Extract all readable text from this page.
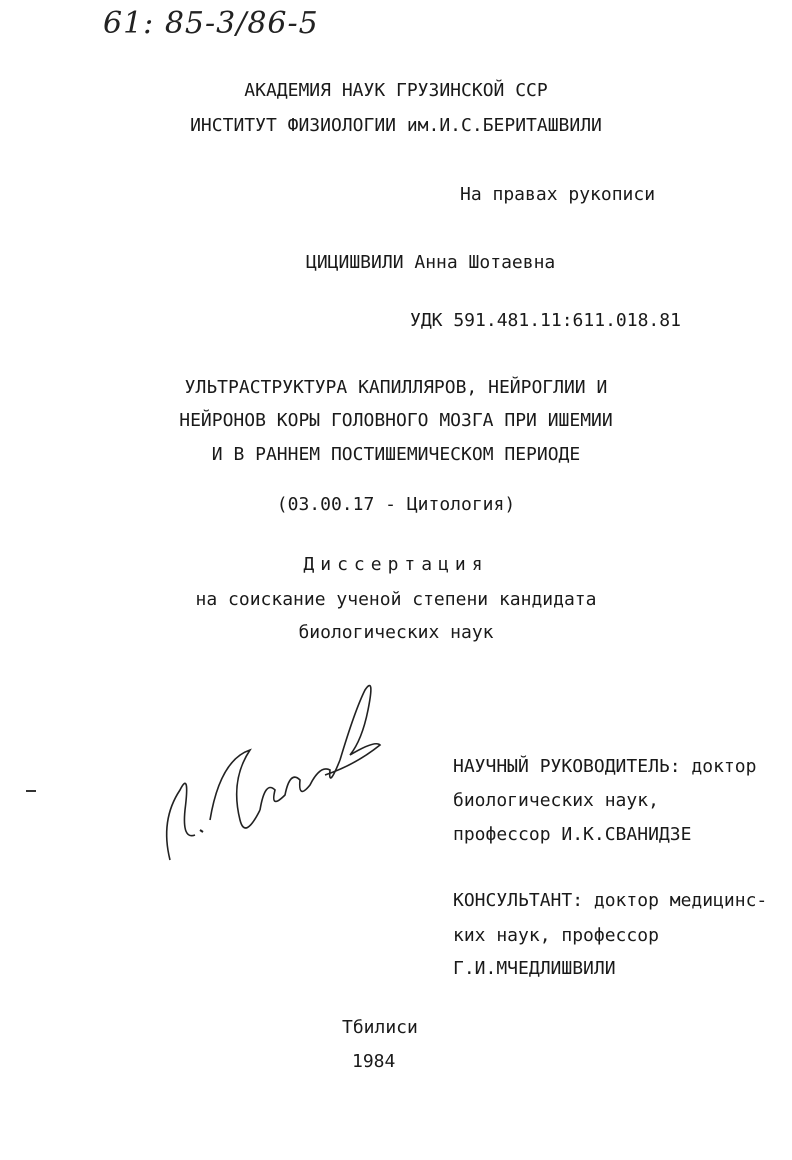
61: 85-3/86-5
АКАДЕМИЯ НАУК ГРУЗИНСКОЙ ССР
ИНСТИТУТ ФИЗИОЛОГИИ им.И.С.БЕРИТАШВИЛИ
На правах рукописи
ЦИЦИШВИЛИ Анна Шотаевна
УДК 591.481.11:611.018.81
УЛЬТРАСТРУКТУРА КАПИЛЛЯРОВ, НЕЙРОГЛИИ И
НЕЙРОНОВ КОРЫ ГОЛОВНОГО МОЗГА ПРИ ИШЕМИИ
И В РАННЕМ ПОСТИШЕМИЧЕСКОМ ПЕРИОДЕ
(03.00.17 - Цитология)
Диссертация
на соискание ученой степени кандидата
биологических наук
НАУЧНЫЙ РУКОВОДИТЕЛЬ: доктор
биологических наук,
профессор И.К.СВАНИДЗЕ
КОНСУЛЬТАНТ: доктор медицинс-
ких наук, профессор
Г.И.МЧЕДЛИШВИЛИ
Тбилиси
1984
